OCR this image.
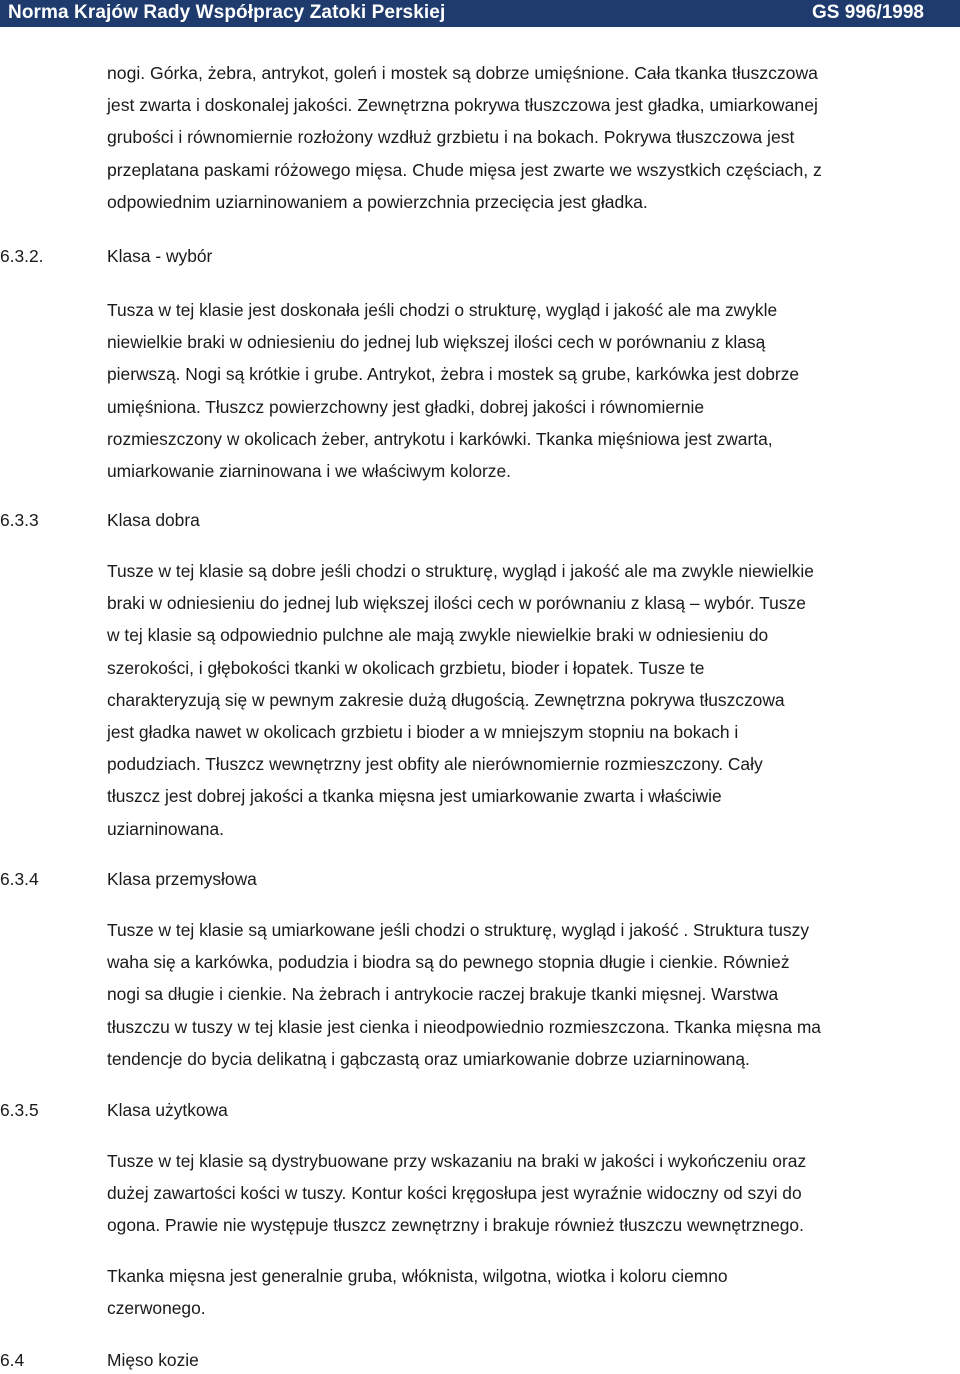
Norma Krajów Rady Współpracy Zatoki Perskiej	GS 996/1998

nogi. Górka, żebra, antrykot, goleń i mostek są dobrze umięśnione. Cała tkanka tłuszczowa
jest zwarta i doskonalej jakości. Zewnętrzna pokrywa tłuszczowa jest gładka, umiarkowanej
grubości i równomiernie rozłożony wzdłuż grzbietu i na bokach. Pokrywa tłuszczowa jest
przeplatana paskami różowego mięsa. Chude mięsa jest zwarte we wszystkich częściach, z
odpowiednim uziarninowaniem a powierzchnia przecięcia jest gładka.

6.3.2.	Klasa - wybór

Tusza w tej klasie jest doskonała jeśli chodzi o strukturę, wygląd i jakość ale ma zwykle
niewielkie braki w odniesieniu do jednej lub większej ilości cech w porównaniu z klasą
pierwszą. Nogi są krótkie i grube. Antrykot, żebra i mostek są grube, karkówka jest dobrze
umięśniona. Tłuszcz powierzchowny jest gładki, dobrej jakości i równomiernie
rozmieszczony w okolicach żeber, antrykotu i karkówki. Tkanka mięśniowa jest zwarta,
umiarkowanie ziarninowana i we właściwym kolorze.

6.3.3	Klasa dobra

Tusze w tej klasie są dobre jeśli chodzi o strukturę, wygląd i jakość ale ma zwykle niewielkie
braki w odniesieniu do jednej lub większej ilości cech w porównaniu z klasą – wybór. Tusze
w tej klasie są odpowiednio pulchne ale mają zwykle niewielkie braki w odniesieniu do
szerokości, i głębokości tkanki w okolicach grzbietu, bioder i łopatek. Tusze te
charakteryzują się w pewnym zakresie dużą długością. Zewnętrzna pokrywa tłuszczowa
jest gładka nawet w okolicach grzbietu i bioder a w mniejszym stopniu na bokach i
podudziach. Tłuszcz wewnętrzny jest obfity ale nierównomiernie rozmieszczony. Cały
tłuszcz jest dobrej jakości a tkanka mięsna jest umiarkowanie zwarta i właściwie
uziarninowana.

6.3.4	Klasa przemysłowa

Tusze w tej klasie są umiarkowane jeśli chodzi o strukturę, wygląd i jakość . Struktura tuszy
waha się a karkówka, podudzia i biodra są do pewnego stopnia długie i cienkie. Również
nogi sa długie i cienkie. Na żebrach i antrykocie raczej brakuje tkanki mięsnej. Warstwa
tłuszczu w tuszy w tej klasie jest cienka i nieodpowiednio rozmieszczona. Tkanka mięsna ma
tendencje do bycia delikatną i gąbczastą oraz umiarkowanie dobrze uziarninowaną.

6.3.5	Klasa użytkowa

Tusze w tej klasie są dystrybuowane przy wskazaniu na braki w jakości i wykończeniu oraz
dużej zawartości kości w tuszy. Kontur kości kręgosłupa jest wyraźnie widoczny od szyi do
ogona. Prawie nie występuje tłuszcz zewnętrzny i brakuje również tłuszczu wewnętrznego.

Tkanka mięsna jest generalnie gruba, włóknista, wilgotna, wiotka i koloru ciemno
czerwonego.

6.4	Mięso kozie
